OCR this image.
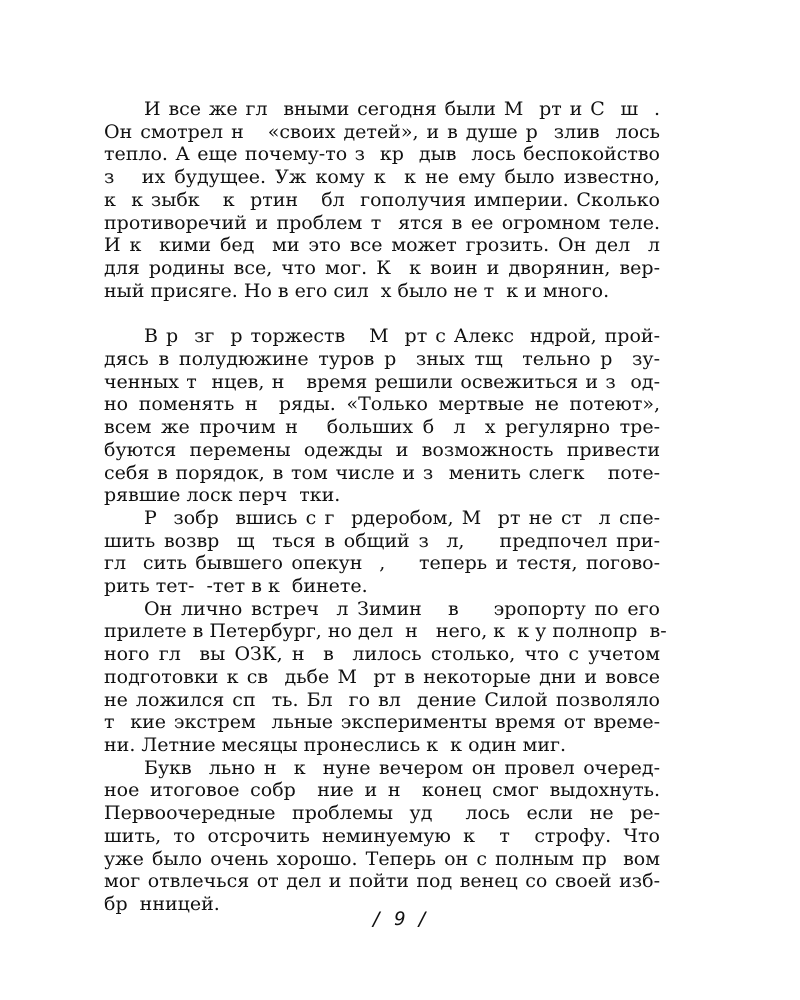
И все же гл  вными сегодня были М  рт и С  ш  .
Он смотрел н   «своих детей», и в душе р  злив  лось
тепло. А еще почему-то з  кр  дыв  лось беспокойство
з   их будущее. Уж кому к  к не ему было известно,
к  к зыбк   к  ртин   бл  гополучия империи. Сколько
противоречий и проблем т  ятся в ее огромном теле.
И к  кими бед  ми это все может грозить. Он дел  л
для родины все, что мог. К  к воин и дворянин, вер-
ный присяге. Но в его сил  х было не т  к и много.

В р  зг  р торжеств   М  рт с Алекс  ндрой, прой-
дясь в полудюжине туров р  зных тщ  тельно р  зу-
ченных т  нцев, н   время решили освежиться и з  од-
но поменять н  ряды. «Только мертвые не потеют»,
всем же прочим н   больших б  л  х регулярно тре-
буются перемены одежды и возможность привести
себя в порядок, в том числе и з  менить слегк   поте-
рявшие лоск перч  тки.

Р  зобр  вшись с г  рдеробом, М  рт не ст  л спе-
шить возвр  щ  ться в общий з  л,    предпочел при-
гл  сить бывшего опекун  ,    теперь и тестя, погово-
рить тет-  -тет в к  бинете.

Он лично встреч  л Зимин   в    эропорту по его
прилете в Петербург, но дел  н   него, к  к у полнопр  в-
ного гл  вы ОЗК, н  в  лилось столько, что с учетом
подготовки к св  дьбе М  рт в некоторые дни и вовсе
не ложился сп  ть. Бл  го вл  дение Силой позволяло
т  кие экстрем  льные эксперименты время от време-
ни. Летние месяцы пронеслись к  к один миг.

Букв  льно н  к  нуне вечером он провел очеред-
ное итоговое собр  ние и н  конец смог выдохнуть.
Первоочередные проблемы уд  лось если не ре-
шить, то отсрочить неминуемую к  т  строфу. Что
уже было очень хорошо. Теперь он с полным пр  вом
мог отвлечься от дел и пойти под венец со своей изб-
бр  нницей.

/ 9 /
